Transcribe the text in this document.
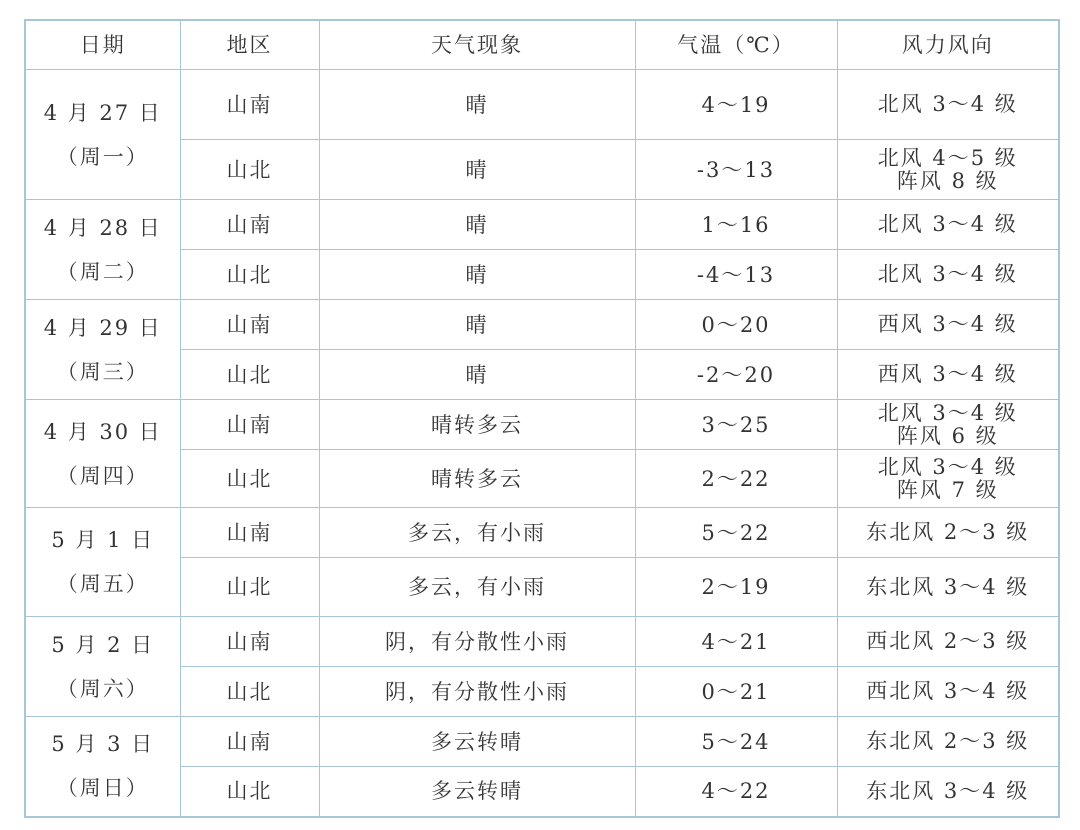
日期	地区	天气现象	气温（℃）	风力风向

4 月 27 日
（周一）	山南	晴	4～19	北风 3～4 级

	山北	晴	-3～13	北风 4～5 级
阵风 8 级

4 月 28 日
（周二）	山南	晴	1～16	北风 3～4 级

	山北	晴	-4～13	北风 3～4 级

4 月 29 日
（周三）	山南	晴	0～20	西风 3～4 级

	山北	晴	-2～20	西风 3～4 级

4 月 30 日
（周四）	山南	晴转多云	3～25	北风 3～4 级
阵风 6 级

	山北	晴转多云	2～22	北风 3～4 级
阵风 7 级

5 月 1 日
（周五）	山南	多云，有小雨	5～22	东北风 2～3 级

	山北	多云，有小雨	2～19	东北风 3～4 级

5 月 2 日
（周六）	山南	阴，有分散性小雨	4～21	西北风 2～3 级

	山北	阴，有分散性小雨	0～21	西北风 3～4 级

5 月 3 日
（周日）	山南	多云转晴	5～24	东北风 2～3 级

	山北	多云转晴	4～22	东北风 3～4 级
